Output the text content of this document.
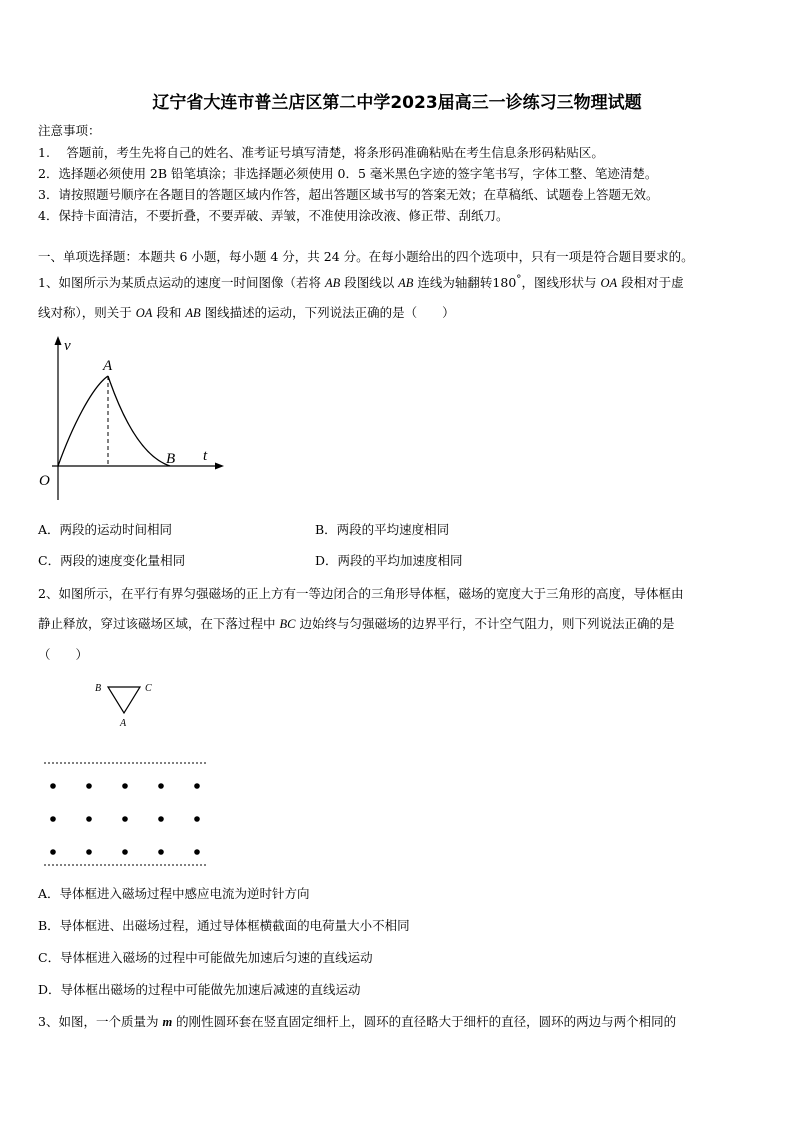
辽宁省大连市普兰店区第二中学2023届高三一诊练习三物理试题
注意事项：
1.　 答题前，考生先将自己的姓名、准考证号填写清楚，将条形码准确粘贴在考生信息条形码粘贴区。
2．选择题必须使用 2B 铅笔填涂；非选择题必须使用 0．5 毫米黑色字迹的签字笔书写，字体工整、笔迹清楚。
3．请按照题号顺序在各题目的答题区域内作答，超出答题区域书写的答案无效；在草稿纸、试题卷上答题无效。
4．保持卡面清洁，不要折叠，不要弄破、弄皱，不准使用涂改液、修正带、刮纸刀。
一、单项选择题：本题共 6 小题，每小题 4 分，共 24 分。在每小题给出的四个选项中，只有一项是符合题目要求的。
1、如图所示为某质点运动的速度一时间图像（若将 AB 段图线以 AB 连线为轴翻转180°，图线形状与 OA 段相对于虚
线对称），则关于 OA 段和 AB 图线描述的运动，下列说法正确的是（　　）
v
t
O
A
B
A．两段的运动时间相同	B．两段的平均速度相同
C．两段的速度变化量相同	D．两段的平均加速度相同
2、如图所示，在平行有界匀强磁场的正上方有一等边闭合的三角形导体框，磁场的宽度大于三角形的高度，导体框由
静止释放，穿过该磁场区域，在下落过程中 BC 边始终与匀强磁场的边界平行，不计空气阻力，则下列说法正确的是
（　　）
B	C
A
A．导体框进入磁场过程中感应电流为逆时针方向
B．导体框进、出磁场过程，通过导体框横截面的电荷量大小不相同
C．导体框进入磁场的过程中可能做先加速后匀速的直线运动
D．导体框出磁场的过程中可能做先加速后减速的直线运动
3、如图，一个质量为 m 的刚性圆环套在竖直固定细杆上，圆环的直径略大于细杆的直径，圆环的两边与两个相同的
